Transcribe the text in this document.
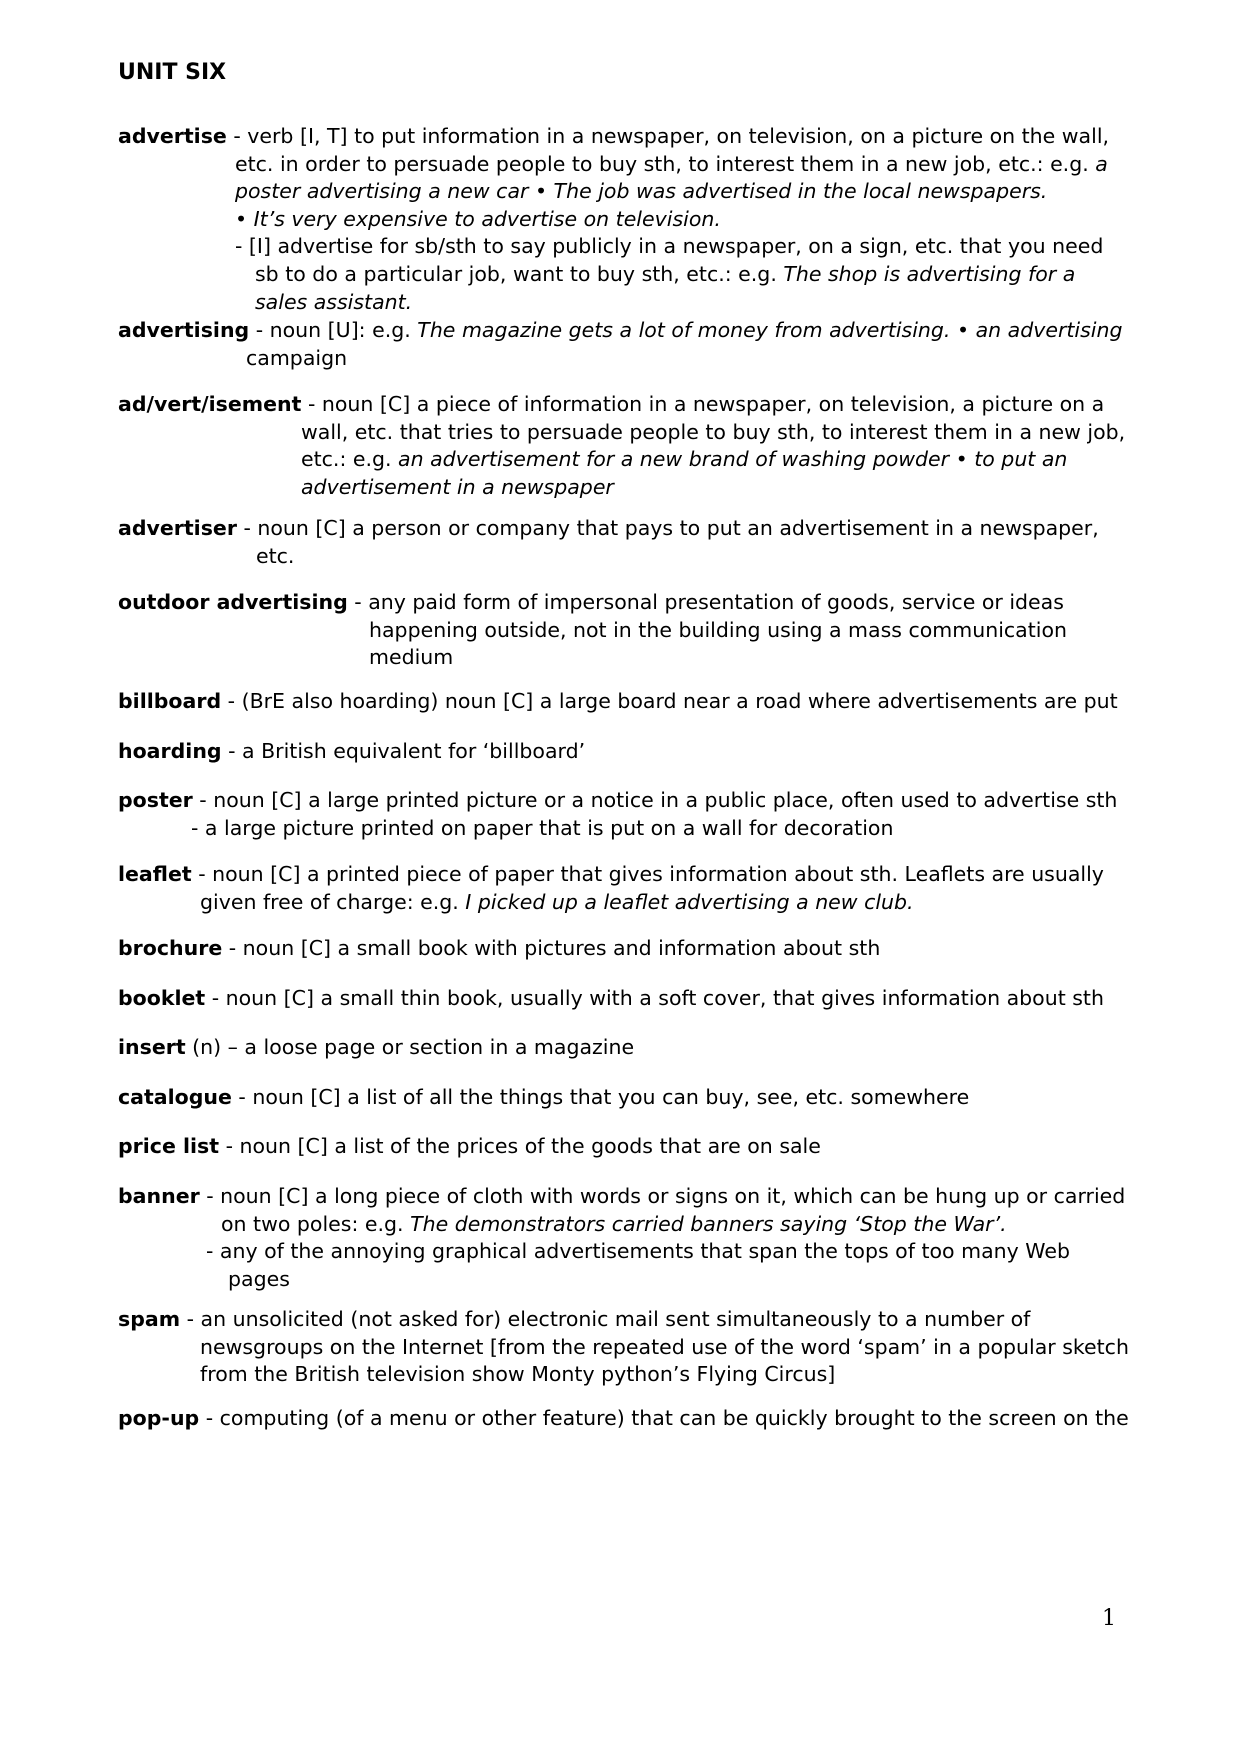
UNIT SIX
advertise - verb [I, T] to put information in a newspaper, on television, on a picture on the wall,
etc. in order to persuade people to buy sth, to interest them in a new job, etc.: e.g. a
poster advertising a new car • The job was advertised in the local newspapers.
• It’s very expensive to advertise on television.
- [I] advertise for sb/sth to say publicly in a newspaper, on a sign, etc. that you need
sb to do a particular job, want to buy sth, etc.: e.g. The shop is advertising for a
sales assistant.
advertising - noun [U]: e.g. The magazine gets a lot of money from advertising. • an advertising
campaign
ad/vert/isement - noun [C] a piece of information in a newspaper, on television, a picture on a
wall, etc. that tries to persuade people to buy sth, to interest them in a new job,
etc.: e.g. an advertisement for a new brand of washing powder • to put an
advertisement in a newspaper
advertiser - noun [C] a person or company that pays to put an advertisement in a newspaper,
etc.
outdoor advertising - any paid form of impersonal presentation of goods, service or ideas
happening outside, not in the building using a mass communication
medium
billboard - (BrE also hoarding) noun [C] a large board near a road where advertisements are put
hoarding - a British equivalent for ‘billboard’
poster - noun [C] a large printed picture or a notice in a public place, often used to advertise sth
- a large picture printed on paper that is put on a wall for decoration
leaflet - noun [C] a printed piece of paper that gives information about sth. Leaflets are usually
given free of charge: e.g. I picked up a leaflet advertising a new club.
brochure - noun [C] a small book with pictures and information about sth
booklet - noun [C] a small thin book, usually with a soft cover, that gives information about sth
insert (n) – a loose page or section in a magazine
catalogue - noun [C] a list of all the things that you can buy, see, etc. somewhere
price list - noun [C] a list of the prices of the goods that are on sale
banner - noun [C] a long piece of cloth with words or signs on it, which can be hung up or carried
on two poles: e.g. The demonstrators carried banners saying ‘Stop the War’.
- any of the annoying graphical advertisements that span the tops of too many Web
pages
spam - an unsolicited (not asked for) electronic mail sent simultaneously to a number of
newsgroups on the Internet [from the repeated use of the word ‘spam’ in a popular sketch
from the British television show Monty python’s Flying Circus]
pop-up - computing (of a menu or other feature) that can be quickly brought to the screen on the
1
